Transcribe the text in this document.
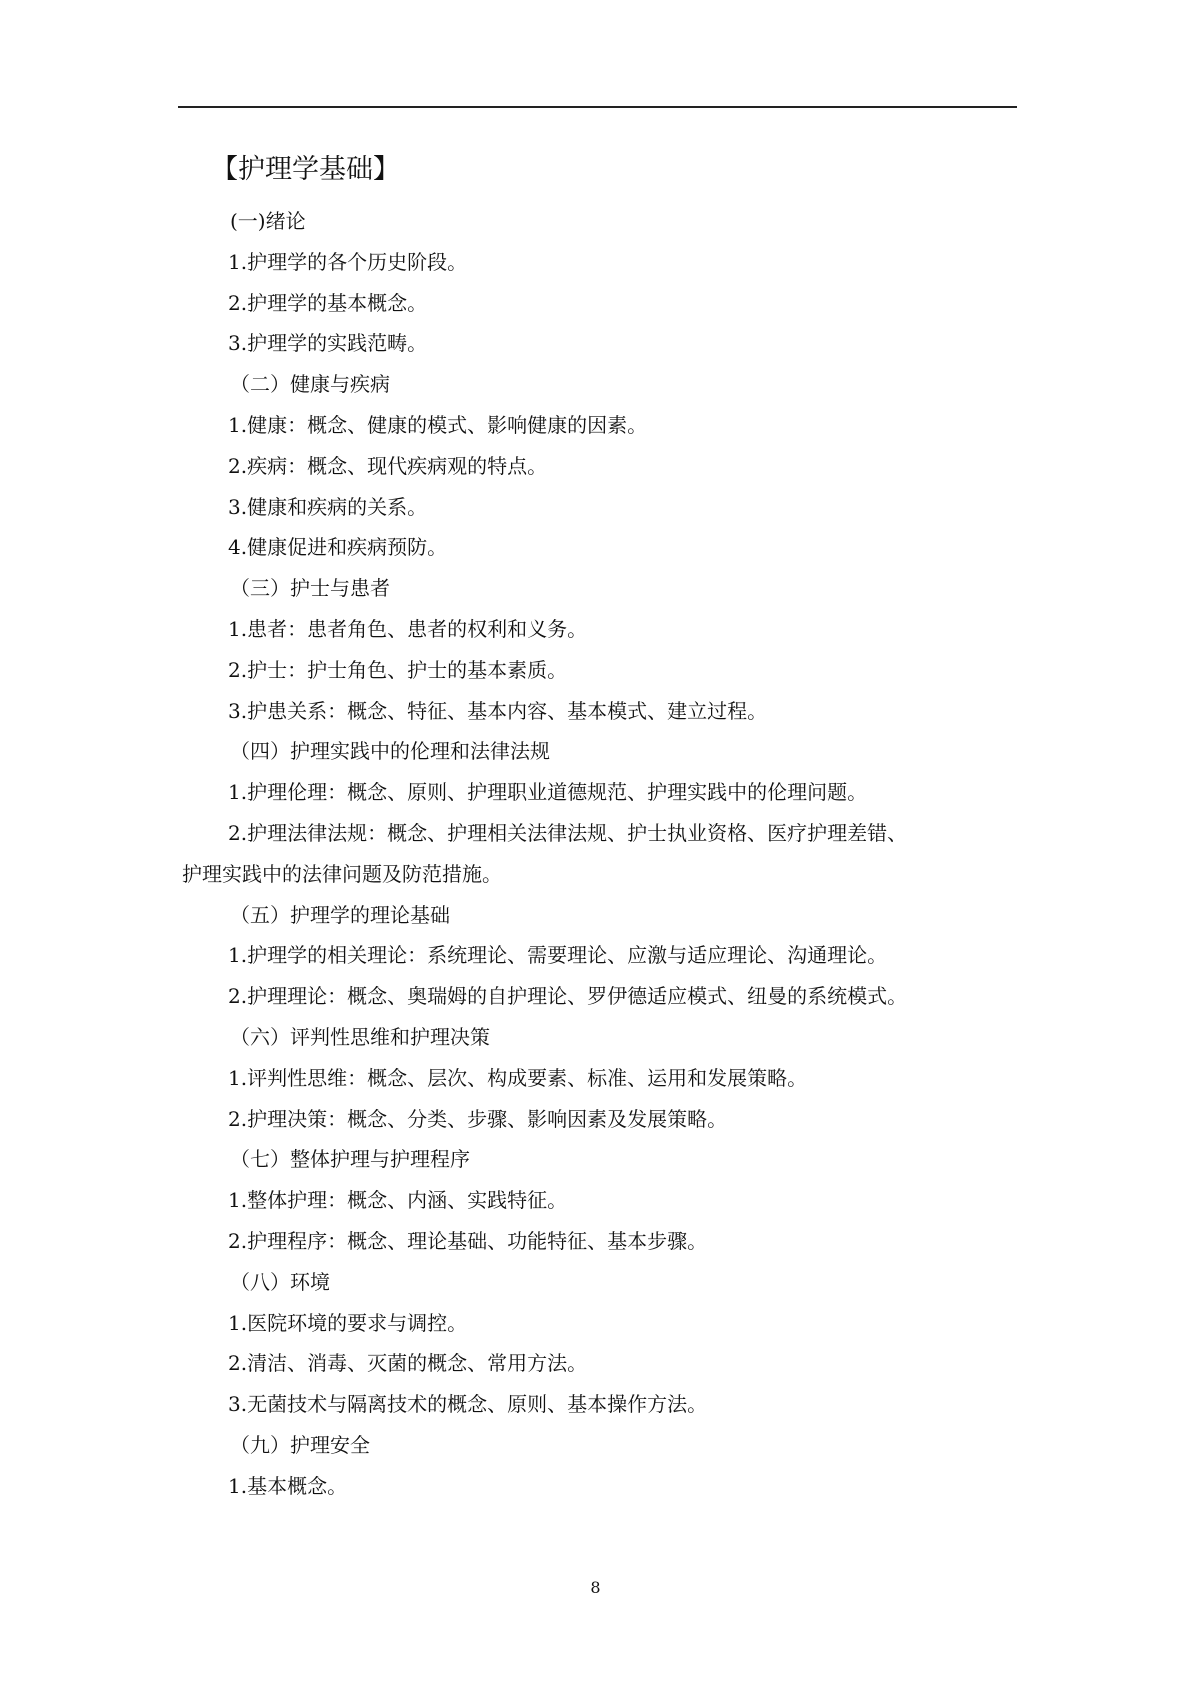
【护理学基础】
(一)绪论
1.护理学的各个历史阶段。
2.护理学的基本概念。
3.护理学的实践范畴。
（二）健康与疾病
1.健康：概念、健康的模式、影响健康的因素。
2.疾病：概念、现代疾病观的特点。
3.健康和疾病的关系。
4.健康促进和疾病预防。
（三）护士与患者
1.患者：患者角色、患者的权利和义务。
2.护士：护士角色、护士的基本素质。
3.护患关系：概念、特征、基本内容、基本模式、建立过程。
（四）护理实践中的伦理和法律法规
1.护理伦理：概念、原则、护理职业道德规范、护理实践中的伦理问题。
2.护理法律法规：概念、护理相关法律法规、护士执业资格、医疗护理差错、
护理实践中的法律问题及防范措施。
（五）护理学的理论基础
1.护理学的相关理论：系统理论、需要理论、应激与适应理论、沟通理论。
2.护理理论：概念、奥瑞姆的自护理论、罗伊德适应模式、纽曼的系统模式。
（六）评判性思维和护理决策
1.评判性思维：概念、层次、构成要素、标准、运用和发展策略。
2.护理决策：概念、分类、步骤、影响因素及发展策略。
（七）整体护理与护理程序
1.整体护理：概念、内涵、实践特征。
2.护理程序：概念、理论基础、功能特征、基本步骤。
（八）环境
1.医院环境的要求与调控。
2.清洁、消毒、灭菌的概念、常用方法。
3.无菌技术与隔离技术的概念、原则、基本操作方法。
（九）护理安全
1.基本概念。
8
